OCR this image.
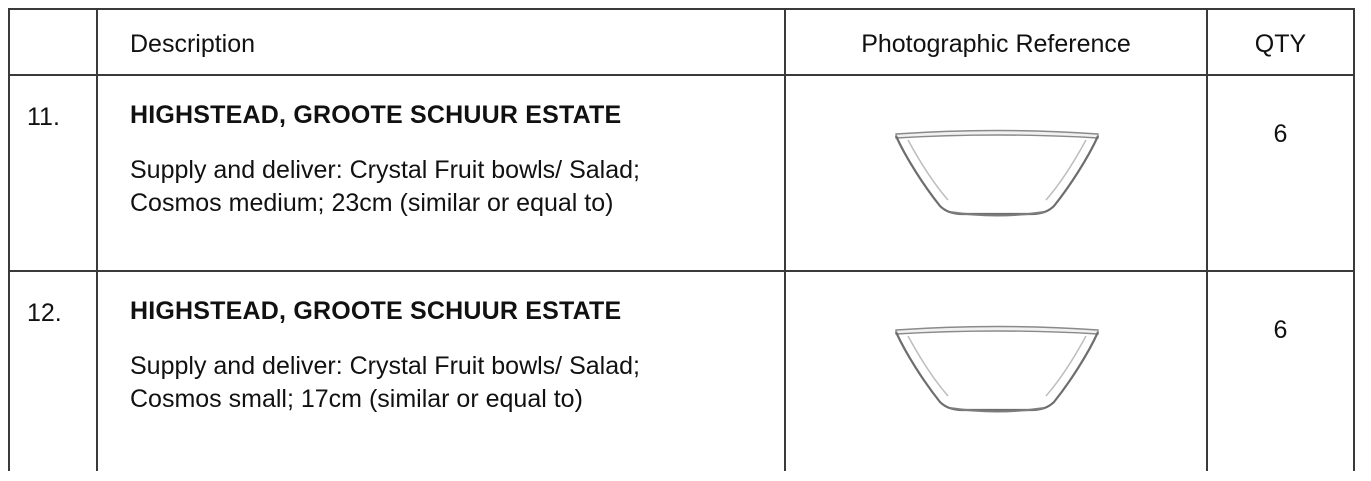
	Description	Photographic Reference	QTY

11.	HIGHSTEAD, GROOTE SCHUUR ESTATE
Supply and deliver: Crystal Fruit bowls/ Salad;
Cosmos medium; 23cm (similar or equal to)		6

12.	HIGHSTEAD, GROOTE SCHUUR ESTATE
Supply and deliver: Crystal Fruit bowls/ Salad;
Cosmos small; 17cm (similar or equal to)		6
